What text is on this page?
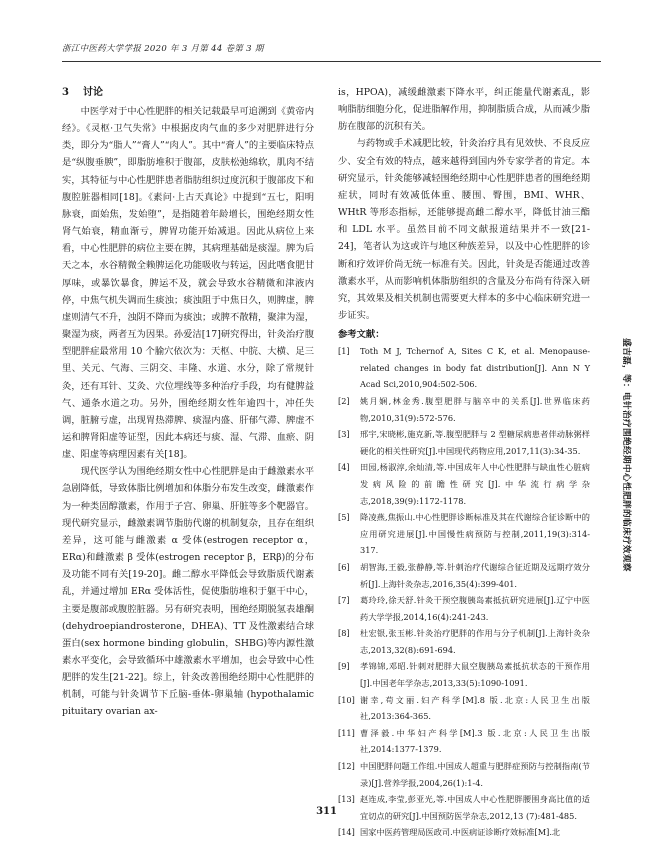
浙江中医药大学学报 2020 年 3 月第 44 卷第 3 期
3 讨论

中医学对于中心性肥胖的相关记载最早可追溯到《黄帝内经》。《灵枢·卫气失常》中根据皮肉气血的多少对肥胖进行分类，即分为“脂人”“膏人”“肉人”。其中“膏人”的主要临床特点是“纵腹垂腴”，即脂肪堆积于腹部，皮肤松弛绵软，肌肉不结实，其特征与中心性肥胖患者脂肪组织过度沉积于腹部皮下和腹腔脏器相同[18]。《素问·上古天真论》中提到“五七，阳明脉衰，面始焦，发始堕”，是指随着年龄增长，围绝经期女性肾气始衰，精血渐亏，脾胃功能开始减退。因此从病位上来看，中心性肥胖的病位主要在脾，其病理基础是痰湿。脾为后天之本，水谷精微全赖脾运化功能吸收与转运，因此嗜食肥甘厚味，或暴饮暴食，脾运不及，就会导致水谷精微和津液内停，中焦气机失调而生痰浊；痰浊阻于中焦日久，则脾虚，脾虚则清气不升，浊阴不降而为痰浊；或脾不散精，聚津为湿，聚湿为痰，两者互为因果。孙爱洁[17]研究得出，针灸治疗腹型肥胖症最常用 10 个腧穴依次为：天枢、中脘、大横、足三里、关元、气海、三阴交、丰隆、水道、水分，除了常规针灸，还有耳针、艾灸、穴位埋线等多种治疗手段，均有健脾益气、通条水道之功。另外，围绝经期女性年逾四十，冲任失调，脏腑亏虚，出现胃热滞脾、痰湿内盛、肝郁气滞、脾虚不运和脾肾阳虚等证型，因此本病还与痰、湿、气滞、血瘀、阴虚、阳虚等病理因素有关[18]。

现代医学认为围绝经期女性中心性肥胖是由于雌激素水平急剧降低，导致体脂比例增加和体脂分布发生改变，雌激素作为一种类固醇激素，作用于子宫、卵巢、肝脏等多个靶器官。现代研究显示，雌激素调节脂肪代谢的机制复杂，且存在组织差异，这可能与雌激素 α 受体(estrogen receptor α，ERα)和雌激素 β 受体(estrogen receptor β，ERβ)的分布及功能不同有关[19-20]。雌二醇水平降低会导致脂质代谢紊乱，并通过增加 ERα 受体活性，促使脂肪堆积于躯干中心，主要是腹部或腹腔脏器。另有研究表明，围绝经期脱氢表雄酮(dehydroepiandrosterone，DHEA)、TT 及性激素结合球蛋白(sex hormone binding globulin，SHBG)等内源性激素水平变化，会导致循环中雄激素水平增加，也会导致中心性肥胖的发生[21-22]。综上，针灸改善围绝经期中心性肥胖的机制，可能与针灸调节下丘脑-垂体-卵巢轴 (hypothalamic pituitary ovarian ax-

is，HPOA)，减缓雌激素下降水平，纠正能量代谢紊乱，影响脂肪细胞分化，促进脂解作用，抑制脂质合成，从而减少脂肪在腹部的沉积有关。

与药物或手术减肥比较，针灸治疗具有见效快、不良反应少、安全有效的特点，越来越得到国内外专家学者的肯定。本研究显示，针灸能够减轻围绝经期中心性肥胖患者的围绝经期症状，同时有效减低体重、腰围、臀围，BMI、WHR、WHtR 等形态指标，还能够提高雌二醇水平，降低甘油三酯和 LDL 水平。虽然目前不同文献报道结果并不一致[21-24]，笔者认为这或许与地区种族差异，以及中心性肥胖的诊断和疗效评价尚无统一标准有关。因此，针灸是否能通过改善激素水平，从而影响机体脂肪组织的含量及分布尚有待深入研究，其效果及相关机制也需要更大样本的多中心临床研究进一步证实。

参考文献：
[1]	Toth M J, Tchernof A, Sites C K, et al. Menopause-related changes in body fat distribution[J]. Ann N Y Acad Sci,2010,904:502-506.
[2]	姚月娴,林金秀.腹型肥胖与脑卒中的关系[J].世界临床药物,2010,31(9):572-576.
[3]	邢宇,宋晓彬,施克新,等.腹型肥胖与 2 型糖尿病患者伴动脉粥样硬化的相关性研究[J].中国现代药物应用,2017,11(3):34-35.
[4]	田园,杨淑淳,余灿清,等.中国成年人中心性肥胖与缺血性心脏病发病风险的前瞻性研究[J].中华流行病学杂志,2018,39(9):1172-1178.
[5]	降凌燕,焦振山.中心性肥胖诊断标准及其在代谢综合征诊断中的应用研究进展[J].中国慢性病预防与控制,2011,19(3):314-317.
[6]	胡智海,王毅,张静静,等.针刺治疗代谢综合征近期及远期疗效分析[J].上海针灸杂志,2016,35(4):399-401.
[7]	葛玲玲,徐天舒.针灸干预空腹胰岛素抵抗研究进展[J].辽宁中医药大学学报,2014,16(4):241-243.
[8]	杜宏银,张玉彬.针灸治疗肥胖的作用与分子机制[J].上海针灸杂志,2013,32(8):691-694.
[9]	孝锦锦,邓昭.针刺对肥胖大鼠空腹胰岛素抵抗状态的干预作用[J].中国老年学杂志,2013,33(5):1090-1091.
[10] 谢幸,苟文丽.妇产科学[M].8 版.北京:人民卫生出版社,2013:364-365.
[11] 曹泽毅.中华妇产科学[M].3 版.北京:人民卫生出版社,2014:1377-1379.
[12] 中国肥胖问题工作组.中国成人超重与肥胖症预防与控制指南(节录)[J].营养学报,2004,26(1):1-4.
[13] 赵连成,李莹,彭亚光,等.中国成人中心性肥胖腰围身高比值的适宜切点的研究[J].中国预防医学杂志,2012,13 (7):481-485.
[14] 国家中医药管理局医政司.中医病证诊断疗效标准[M].北
盛吉磊，等：电针治疗围绝经期中心性肥胖的临床疗效观察
311
